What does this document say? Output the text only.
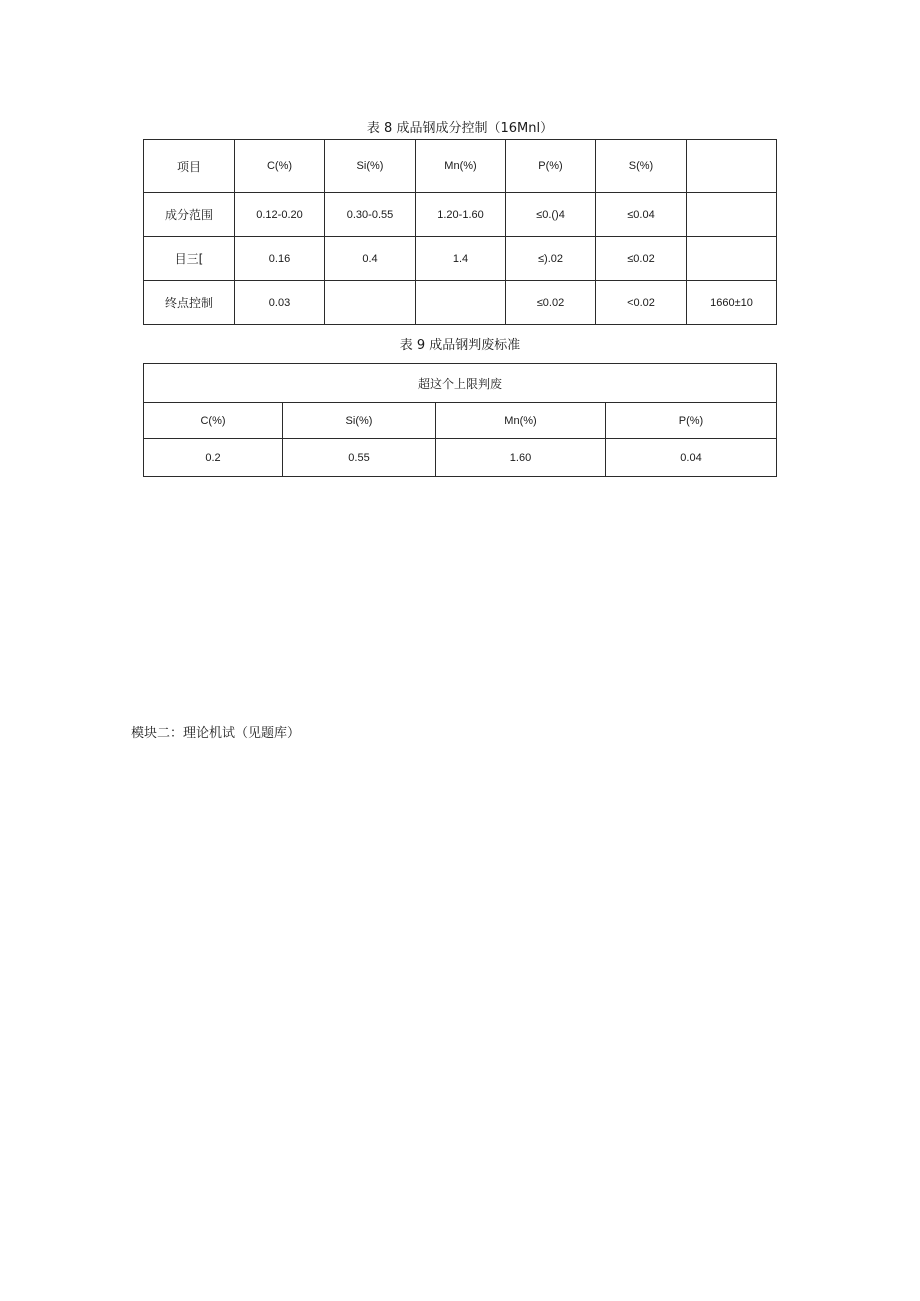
表 8 成品钢成分控制（16Mnl）
项目	C(%)	Si(%)	Mn(%)	P(%)	S(%)	
成分范围	0.12-0.20	0.30-0.55	1.20-1.60	≤0.()4	≤0.04	
目三[	0.16	0.4	1.4	≤).02	≤0.02	
终点控制	0.03			≤0.02	<0.02	1660±10
表 9 成品钢判废标准
超这个上限判废			
C(%)	Si(%)	Mn(%)	P(%)
0.2	0.55	1.60	0.04
模块二：理论机试（见题库）
